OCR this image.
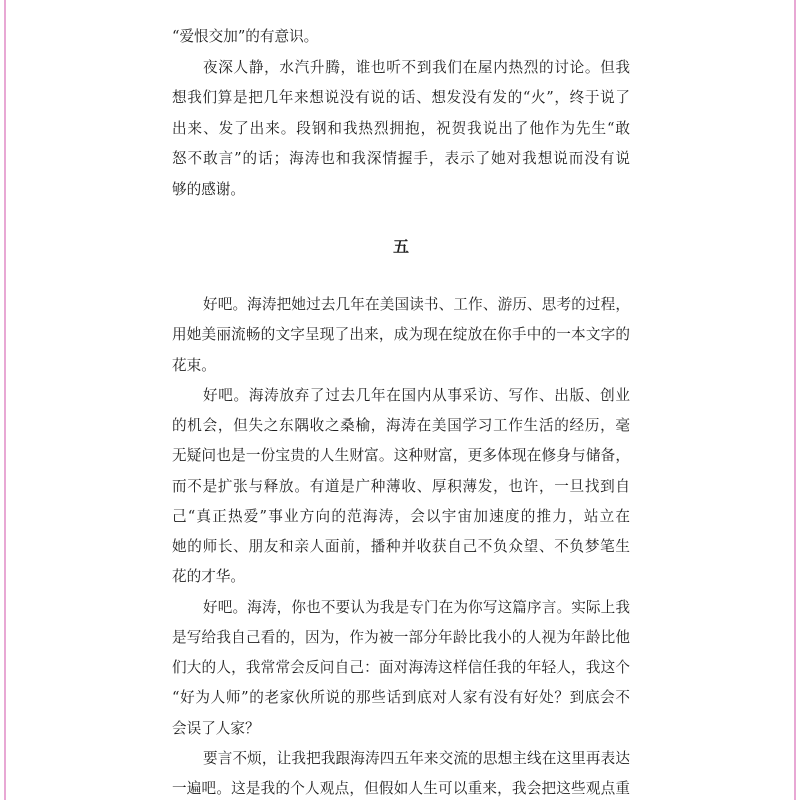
“爱恨交加”的有意识。
夜深人静，水汽升腾，谁也听不到我们在屋内热烈的讨论。但我
想我们算是把几年来想说没有说的话、想发没有发的“火”，终于说了
出来、发了出来。段钢和我热烈拥抱，祝贺我说出了他作为先生“敢
怒不敢言”的话；海涛也和我深情握手，表示了她对我想说而没有说
够的感谢。
五
好吧。海涛把她过去几年在美国读书、工作、游历、思考的过程，
用她美丽流畅的文字呈现了出来，成为现在绽放在你手中的一本文字的
花束。
好吧。海涛放弃了过去几年在国内从事采访、写作、出版、创业
的机会，但失之东隅收之桑榆，海涛在美国学习工作生活的经历，毫
无疑问也是一份宝贵的人生财富。这种财富，更多体现在修身与储备，
而不是扩张与释放。有道是广种薄收、厚积薄发，也许，一旦找到自
己“真正热爱”事业方向的范海涛，会以宇宙加速度的推力，站立在
她的师长、朋友和亲人面前，播种并收获自己不负众望、不负梦笔生
花的才华。
好吧。海涛，你也不要认为我是专门在为你写这篇序言。实际上我
是写给我自己看的，因为，作为被一部分年龄比我小的人视为年龄比他
们大的人，我常常会反问自己：面对海涛这样信任我的年轻人，我这个
“好为人师”的老家伙所说的那些话到底对人家有没有好处？到底会不
会误了人家？
要言不烦，让我把我跟海涛四五年来交流的思想主线在这里再表达
一遍吧。这是我的个人观点，但假如人生可以重来，我会把这些观点重
